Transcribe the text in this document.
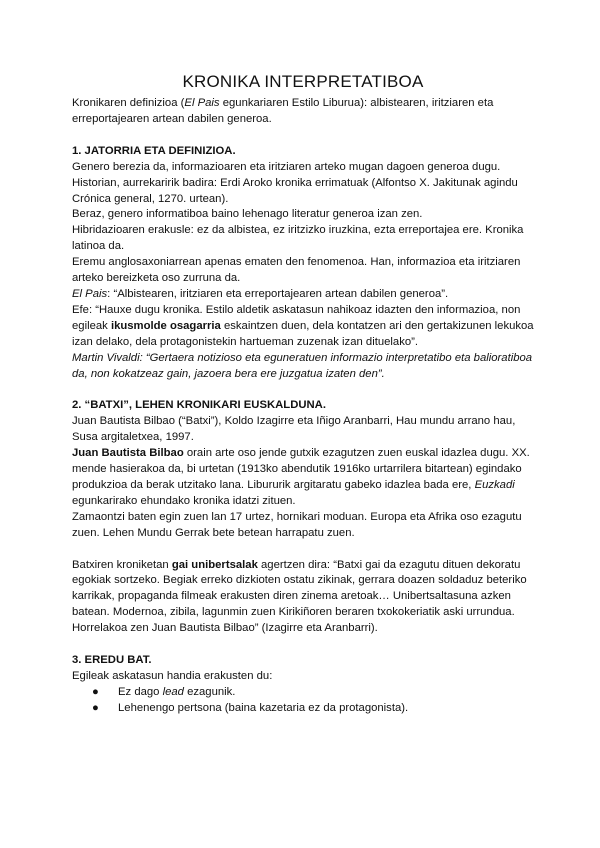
KRONIKA INTERPRETATIBOA

Kronikaren definizioa (El Pais egunkariaren Estilo Liburua): albistearen, iritziaren eta erreportajearen artean dabilen generoa.

1. JATORRIA ETA DEFINIZIOA.

Genero berezia da, informazioaren eta iritziaren arteko mugan dagoen generoa dugu.

Historian, aurrekaririk badira: Erdi Aroko kronika errimatuak (Alfontso X. Jakitunak agindu Crónica general, 1270. urtean).

Beraz, genero informatiboa baino lehenago literatur generoa izan zen.

Hibridazioaren erakusle: ez da albistea, ez iritzizko iruzkina, ezta erreportajea ere. Kronika latinoa da.

Eremu anglosaxoniarrean apenas ematen den fenomenoa. Han, informazioa eta iritziaren arteko bereizketa oso zurruna da.

El Pais: “Albistearen, iritziaren eta erreportajearen artean dabilen generoa”.

Efe: “Hauxe dugu kronika. Estilo aldetik askatasun nahikoaz idazten den informazioa, non egileak ikusmolde osagarria eskaintzen duen, dela kontatzen ari den gertakizunen lekukoa izan delako, dela protagonistekin hartueman zuzenak izan dituelako”.

Martin Vivaldi: “Gertaera notizioso eta eguneratuen informazio interpretatibo eta balioratiboa da, non kokatzeaz gain, jazoera bera ere juzgatua izaten den”.

2. “BATXI”, LEHEN KRONIKARI EUSKALDUNA.

Juan Bautista Bilbao (“Batxi”), Koldo Izagirre eta Iñigo Aranbarri, Hau mundu arrano hau, Susa argitaletxea, 1997.

Juan Bautista Bilbao orain arte oso jende gutxik ezagutzen zuen euskal idazlea dugu. XX. mende hasierakoa da, bi urtetan (1913ko abendutik 1916ko urtarrilera bitartean) egindako produkzioa da berak utzitako lana. Libururik argitaratu gabeko idazlea bada ere, Euzkadi egunkarirako ehundako kronika idatzi zituen.

Zamaontzi baten egin zuen lan 17 urtez, hornikari moduan. Europa eta Afrika oso ezagutu zuen. Lehen Mundu Gerrak bete betean harrapatu zuen.

Batxiren kroniketan gai unibertsalak agertzen dira: “Batxi gai da ezagutu dituen dekoratu egokiak sortzeko. Begiak erreko dizkioten ostatu zikinak, gerrara doazen soldaduz beteriko karrikak, propaganda filmeak erakusten diren zinema aretoak… Unibertsaltasuna azken batean. Modernoa, zibila, lagunmin zuen Kirikiñoren beraren txokokeriatik aski urrundua. Horrelakoa zen Juan Bautista Bilbao” (Izagirre eta Aranbarri).

3. EREDU BAT.

Egileak askatasun handia erakusten du:

● Ez dago lead ezagunik.
● Lehenengo pertsona (baina kazetaria ez da protagonista).
